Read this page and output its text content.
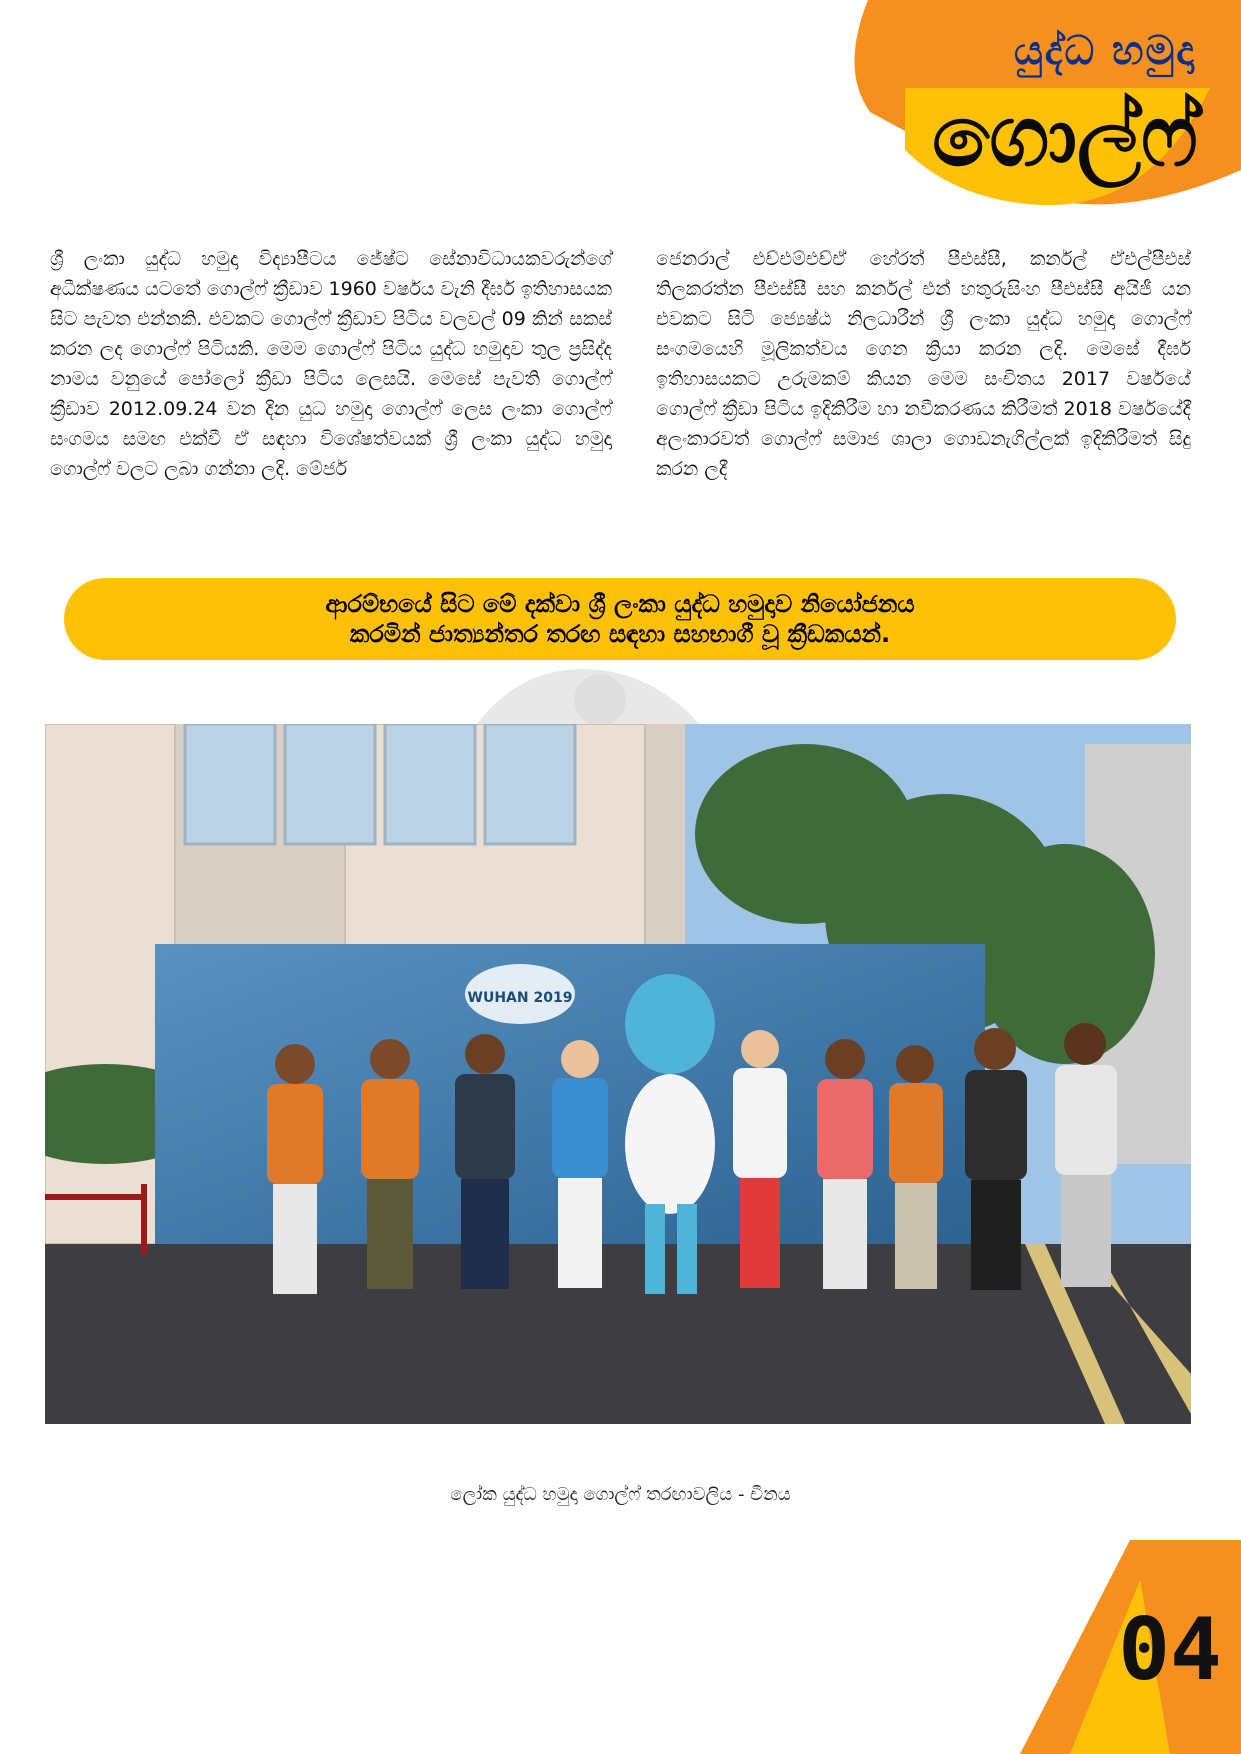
යුද්ධ හමුදා
ගොල්ෆ්

ශ්‍රී ලංකා යුද්ධ හමුදා විද්‍යාපීටය ජේෂ්ට සේනාවිධායකවරුන්ගේ අධීක්ෂණය යටතේ ගොල්ෆ් ක්‍රීඩාව 1960 වර්ෂය වැනි දීර්ඝ ඉතිහාසයක සිට පැවත එන්නකි. එවකට ගොල්ෆ් ක්‍රීඩාව පිටිය වලවල් 09 කින් සකස් කරන ලද ගොල්ෆ් පිටියකි. මෙම ගොල්ෆ් පිටිය යුද්ධ හමුදාව තුල ප්‍රසිද්ද නාමය වනුයේ පෝලෝ ක්‍රීඩා පිටිය ලෙසයි. මෙසේ පැවති ගොල්ෆ් ක්‍රීඩාව 2012.09.24 වන දින යුධ හමුදා ගොල්ෆ් ලෙස ලංකා ගොල්ෆ් සංගමය සමඟ එක්වී ඒ සඳහා විශේෂත්වයක් ශ්‍රී ලංකා යුද්ධ හමුදා ගොල්ෆ් වලට ලබා ගන්නා ලදි. මේජර්

ජෙනරාල් එච්එම්එච්ඒ හේරත් පීඑස්සී, කර්නල් ඒඑල්පීඑස් තිලකරත්න පීඑස්සී සහ කර්නල් එන් හතුරුසිංහ පීඑස්සී අයිජී යන එවකට සිටි ජ්‍යෙෂ්ඨ නිලධාරීන් ශ්‍රී ලංකා යුද්ධ හමුදා ගොල්ෆ් සංගමයෙහි මූලිකත්වය ගෙන ක්‍රියා කරන ලදි. මෙසේ දීර්ඝ ඉතිහාසයකට උරුමකම් කියන මෙම සංචිතය 2017 වර්ෂයේ ගොල්ෆ් ක්‍රීඩා පිටිය ඉදිකිරීම හා නවීකරණය කිරීමත් 2018 වර්ෂයේදී අලංකාරවත් ගොල්ෆ් සමාජ ශාලා ගොඩනැගිල්ලක් ඉදිකිරීමත් සිදු කරන ලදී

ආරම්භයේ සිට මේ දක්වා ශ්‍රී ලංකා යුද්ධ හමුදාව නියෝජනය
කරමින් ජාත්‍යන්තර තරඟ සඳහා සහභාගී වූ ක්‍රීඩකයන්.
WUHAN 2019
ලෝක යුද්ධ හමුදා ගොල්ෆ් තරඟාවලිය - චීනය
04
